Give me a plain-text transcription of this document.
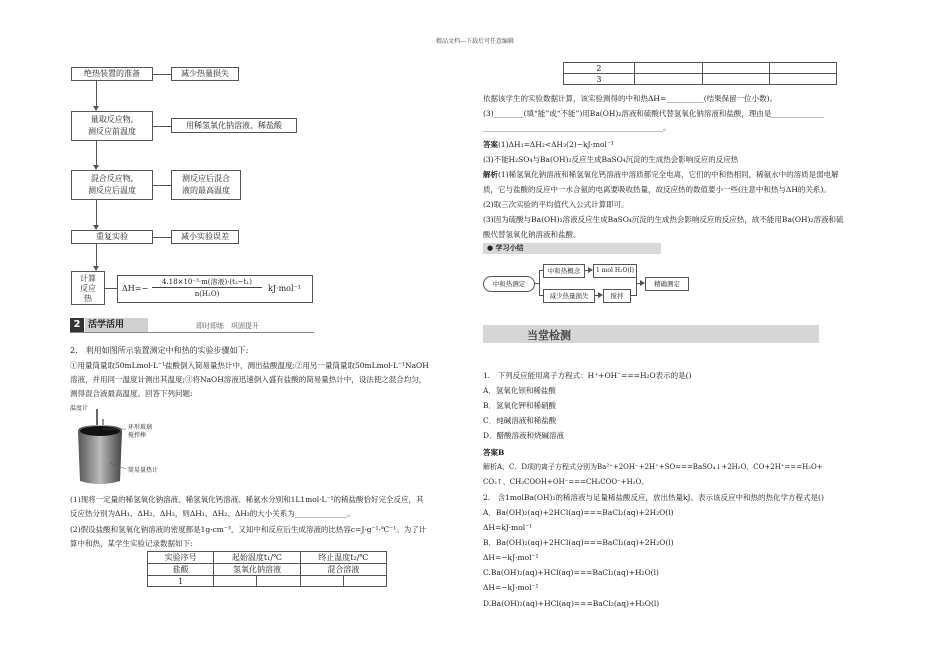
精品文档---下载后可任意编辑
绝热装置的准备	减少热量损失
量取反应物,
测反应前温度
用稀氢氧化钠溶液、稀盐酸
混合反应物,
测反应后温度
测反应后混合
液的最高温度
重复实验	减小实验误差
计算
反应
热
ΔH=−
4.18×10⁻³·m(溶液)·(t₂−t₁)
n(H₂O)
kJ·mol⁻¹
2 活学活用	即时即练　巩固提升
2.　利用如图所示装置测定中和热的实验步骤如下:
①用量筒量取50mLmol·L⁻¹盐酸倒入简易量热计中，测出盐酸温度;②用另一量筒量取50mLmol·L⁻¹NaOH
溶液，并用同一温度计测出其温度;③将NaOH溶液迅速倒入盛有盐酸的简易量热计中，设法使之混合均匀，
测得混合液最高温度。回答下列问题:
温度计
环形玻璃
搅拌棒
简易量热计
(1)现将一定量的稀氢氧化钠溶液、稀氢氧化钙溶液、稀氨水分别和1L1mol·L⁻¹的稀盐酸恰好完全反应，其
反应热分别为ΔH₁、ΔH₂、ΔH₃，则ΔH₁、ΔH₂、ΔH₃的大小关系为______________。
(2)假设盐酸和氢氧化钠溶液的密度都是1g·cm⁻³，又知中和反应后生成溶液的比热容c=J·g⁻¹·℃⁻¹。为了计
算中和热，某学生实验记录数据如下:
实验序号	起始温度t₁/℃		终止温度t₂/℃	
盐酸	氢氧化钠溶液		混合溶液	
1				
2			
3			
依据该学生的实验数据计算，该实验测得的中和热ΔH=__________(结果保留一位小数)。
(3)________(填“能”或“不能”)用Ba(OH)₂溶液和硫酸代替氢氧化钠溶液和盐酸，理由是______________
________________________________________________。
答案(1)ΔH₁=ΔH₂<ΔH₃(2)−kJ·mol⁻¹
(3)不能H₂SO₄与Ba(OH)₂反应生成BaSO₄沉淀的生成热会影响反应的反应热
解析(1)稀氢氧化钠溶液和稀氢氧化钙溶液中溶质都完全电离，它们的中和热相同，稀氨水中的溶质是弱电解
质，它与盐酸的反应中一水合氨的电离要吸收热量，故反应热的数值要小一些(注意中和热与ΔH的关系)。
(2)取三次实验的平均值代入公式计算即可。
(3)因为硫酸与Ba(OH)₂溶液反应生成BaSO₄沉淀的生成热会影响反应的反应热，故不能用Ba(OH)₂溶液和硫
酸代替氢氧化钠溶液和盐酸。
● 学习小结
中和热测定
中和热概念	1 mol H₂O(l)
减少热量损失	搅拌
精确测定
当堂检测
1.　下列反应能用离子方程式：H⁺+OH⁻===H₂O表示的是()
A．氢氧化钡和稀盐酸
B．氢氧化钾和稀硝酸
C．纯碱溶液和稀盐酸
D．醋酸溶液和烧碱溶液
答案B
解析A、C、D项的离子方程式分别为Ba²⁺+2OH⁻+2H⁺+SO===BaSO₄↓+2H₂O、CO+2H⁺===H₂O+
CO₂↑、CH₃COOH+OH⁻===CH₃COO⁻+H₂O。
2.　含1molBa(OH)₂的稀溶液与足量稀盐酸反应，放出热量kJ。表示该反应中和热的热化学方程式是()
A．Ba(OH)₂(aq)+2HCl(aq)===BaCl₂(aq)+2H₂O(l)
ΔH=kJ·mol⁻¹
B．Ba(OH)₂(aq)+2HCl(aq)===BaCl₂(aq)+2H₂O(l)
ΔH=−kJ·mol⁻¹
C.Ba(OH)₂(aq)+HCl(aq)===BaCl₂(aq)+H₂O(l)
ΔH=−kJ·mol⁻¹
D.Ba(OH)₂(aq)+HCl(aq)===BaCl₂(aq)+H₂O(l)
